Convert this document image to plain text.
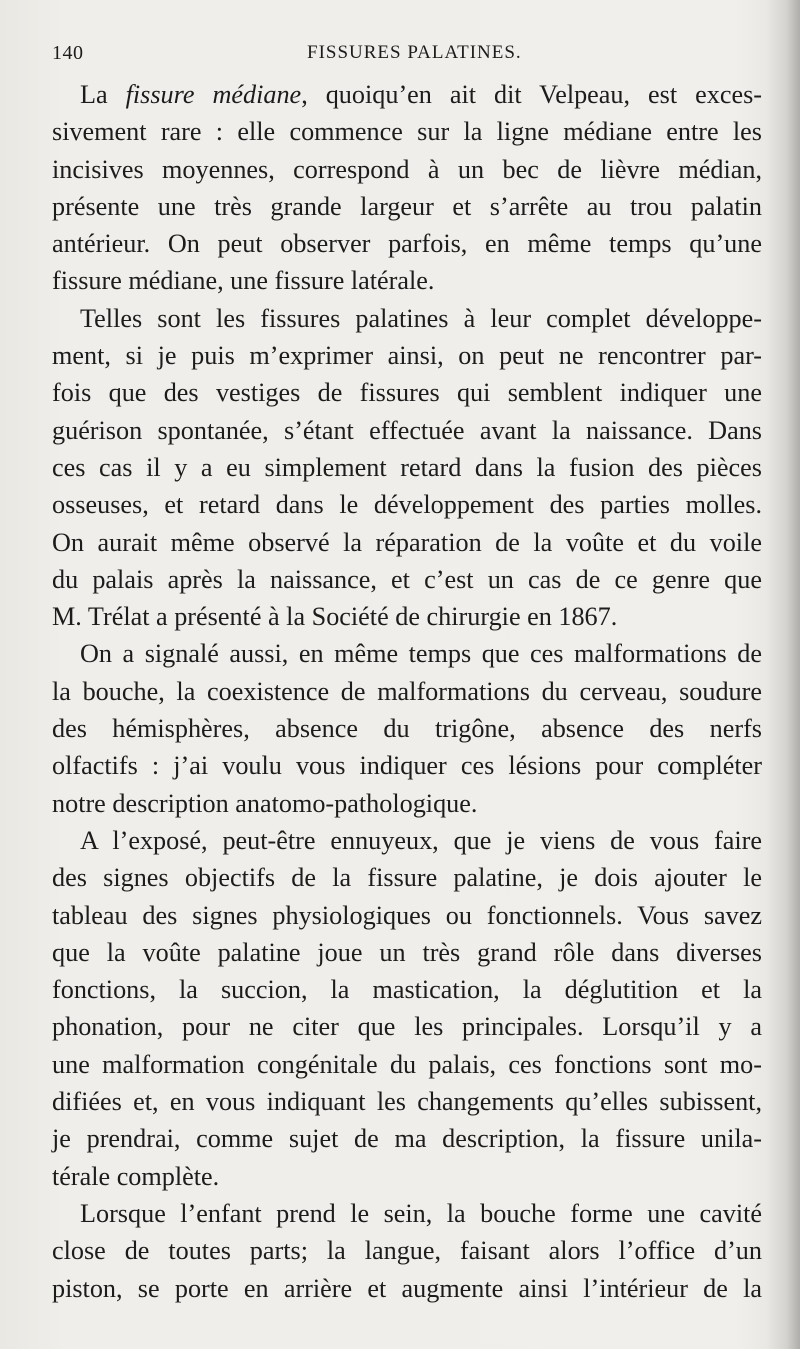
140	FISSURES PALATINES.
La fissure médiane, quoiqu’en ait dit Velpeau, est exces-
sivement rare : elle commence sur la ligne médiane entre les
incisives moyennes, correspond à un bec de lièvre médian,
présente une très grande largeur et s’arrête au trou palatin
antérieur. On peut observer parfois, en même temps qu’une
fissure médiane, une fissure latérale.
Telles sont les fissures palatines à leur complet développe-
ment, si je puis m’exprimer ainsi, on peut ne rencontrer par-
fois que des vestiges de fissures qui semblent indiquer une
guérison spontanée, s’étant effectuée avant la naissance. Dans
ces cas il y a eu simplement retard dans la fusion des pièces
osseuses, et retard dans le développement des parties molles.
On aurait même observé la réparation de la voûte et du voile
du palais après la naissance, et c’est un cas de ce genre que
M. Trélat a présenté à la Société de chirurgie en 1867.
On a signalé aussi, en même temps que ces malformations de
la bouche, la coexistence de malformations du cerveau, soudure
des hémisphères, absence du trigône, absence des nerfs
olfactifs : j’ai voulu vous indiquer ces lésions pour compléter
notre description anatomo-pathologique.
A l’exposé, peut-être ennuyeux, que je viens de vous faire
des signes objectifs de la fissure palatine, je dois ajouter le
tableau des signes physiologiques ou fonctionnels. Vous savez
que la voûte palatine joue un très grand rôle dans diverses
fonctions, la succion, la mastication, la déglutition et la
phonation, pour ne citer que les principales. Lorsqu’il y a
une malformation congénitale du palais, ces fonctions sont mo-
difiées et, en vous indiquant les changements qu’elles subissent,
je prendrai, comme sujet de ma description, la fissure unila-
térale complète.
Lorsque l’enfant prend le sein, la bouche forme une cavité
close de toutes parts; la langue, faisant alors l’office d’un
piston, se porte en arrière et augmente ainsi l’intérieur de la
